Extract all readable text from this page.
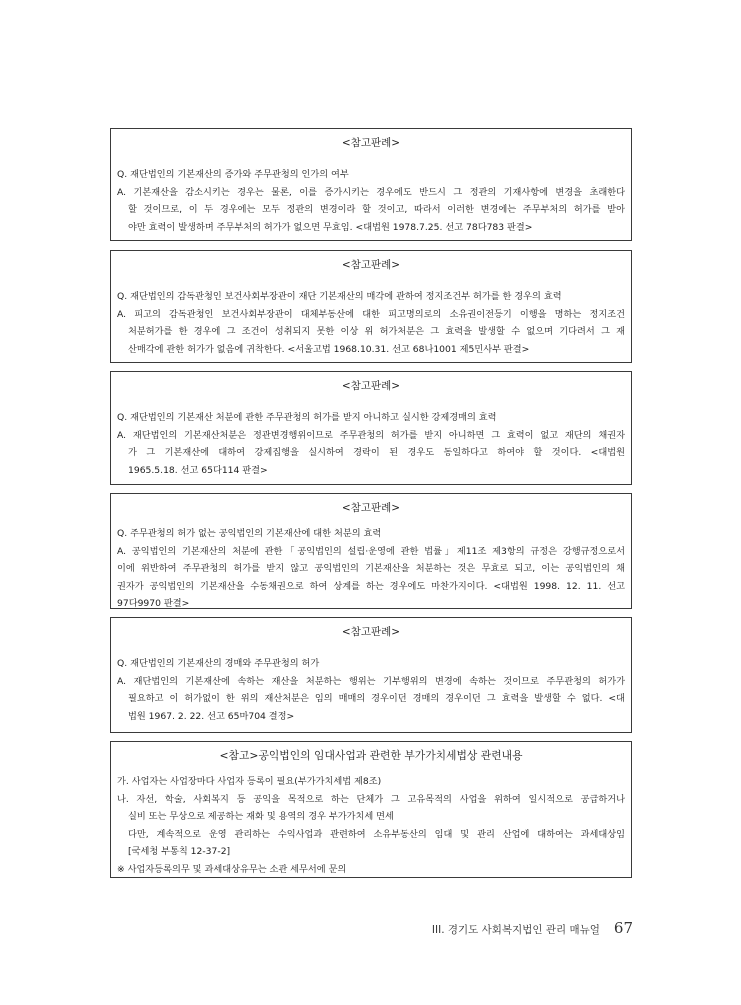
<참고판례>
Q. 재단법인의 기본재산의 증가와 주무관청의 인가의 여부
A. 기본재산을 감소시키는 경우는 물론, 이를 증가시키는 경우에도 반드시 그 정관의 기재사항에 변경을 초래한다
할 것이므로, 이 두 경우에는 모두 정관의 변경이라 할 것이고, 따라서 이러한 변경에는 주무부처의 허가를 받아
야만 효력이 발생하며 주무부처의 허가가 없으면 무효임. <대법원 1978.7.25. 선고 78다783 판결>
<참고판례>
Q. 재단법인의 감독관청인 보건사회부장관이 재단 기본재산의 매각에 관하여 정지조건부 허가를 한 경우의 효력
A. 피고의 감독관청인 보건사회부장관이 대체부동산에 대한 피고명의로의 소유권이전등기 이행을 명하는 정지조건
처분허가를 한 경우에 그 조건이 성취되지 못한 이상 위 허가처분은 그 효력을 발생할 수 없으며 기다려서 그 재
산매각에 관한 허가가 없음에 귀착한다. <서울고법 1968.10.31. 선고 68나1001 제5민사부 판결>
<참고판례>
Q. 재단법인의 기본재산 처분에 관한 주무관청의 허가를 받지 아니하고 실시한 강제경매의 효력
A. 재단법인의 기본재산처분은 정관변경행위이므로 주무관청의 허가를 받지 아니하면 그 효력이 없고 재단의 채권자
가 그 기본재산에 대하여 강제집행을 실시하여 경락이 된 경우도 동일하다고 하여야 할 것이다. <대법원
1965.5.18. 선고 65다114 판결>
<참고판례>
Q. 주무관청의 허가 없는 공익법인의 기본재산에 대한 처분의 효력
A. 공익법인의 기본재산의 처분에 관한「공익법인의 설립·운영에 관한 법률」제11조 제3항의 규정은 강행규정으로서
이에 위반하여 주무관청의 허가를 받지 않고 공익법인의 기본재산을 처분하는 것은 무효로 되고, 이는 공익법인의 채
권자가 공익법인의 기본재산을 수동채권으로 하여 상계를 하는 경우에도 마찬가지이다. <대법원 1998. 12. 11. 선고
97다9970 판결>
<참고판례>
Q. 재단법인의 기본재산의 경매와 주무관청의 허가
A. 재단법인의 기본재산에 속하는 재산을 처분하는 행위는 기부행위의 변경에 속하는 것이므로 주무관청의 허가가
필요하고 이 허가없이 한 위의 재산처분은 임의 매매의 경우이던 경매의 경우이던 그 효력을 발생할 수 없다. <대
법원 1967. 2. 22. 선고 65마704 결정>
<참고>공익법인의 임대사업과 관련한 부가가치세법상 관련내용
가. 사업자는 사업장마다 사업자 등록이 필요(부가가치세법 제8조)
나. 자선, 학술, 사회복지 등 공익을 목적으로 하는 단체가 그 고유목적의 사업을 위하여 일시적으로 공급하거나
실비 또는 무상으로 제공하는 재화 및 용역의 경우 부가가치세 면세
다만, 계속적으로 운영 관리하는 수익사업과 관련하여 소유부동산의 임대 및 관리 산업에 대하여는 과세대상임
[국세청 부통칙 12-37-2]
※ 사업자등록의무 및 과세대상유무는 소관 세무서에 문의
III. 경기도 사회복지법인 관리 매뉴얼 67
